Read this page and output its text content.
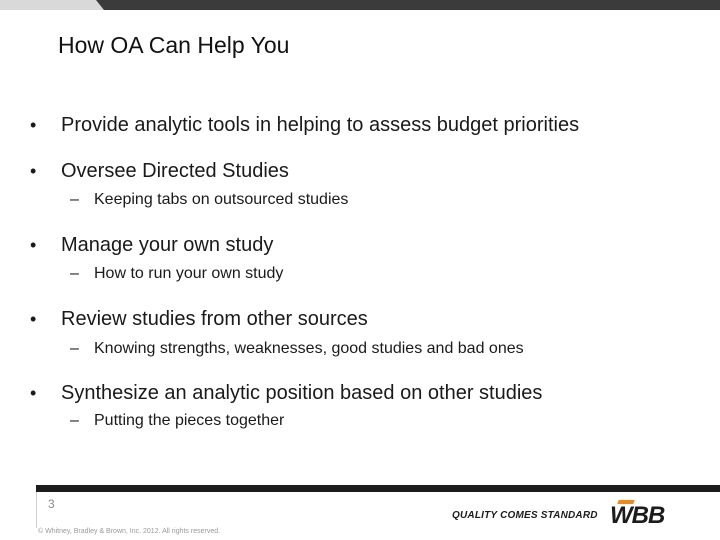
How OA Can Help You
• Provide analytic tools in helping to assess budget priorities
• Oversee Directed Studies
– Keeping tabs on outsourced studies
• Manage your own study
– How to run your own study
• Review studies from other sources
– Knowing strengths, weaknesses, good studies and bad ones
• Synthesize an analytic position based on other studies
– Putting the pieces together
3
© Whitney, Bradley & Brown, Inc. 2012. All rights reserved.
QUALITY COMES STANDARD WBB
